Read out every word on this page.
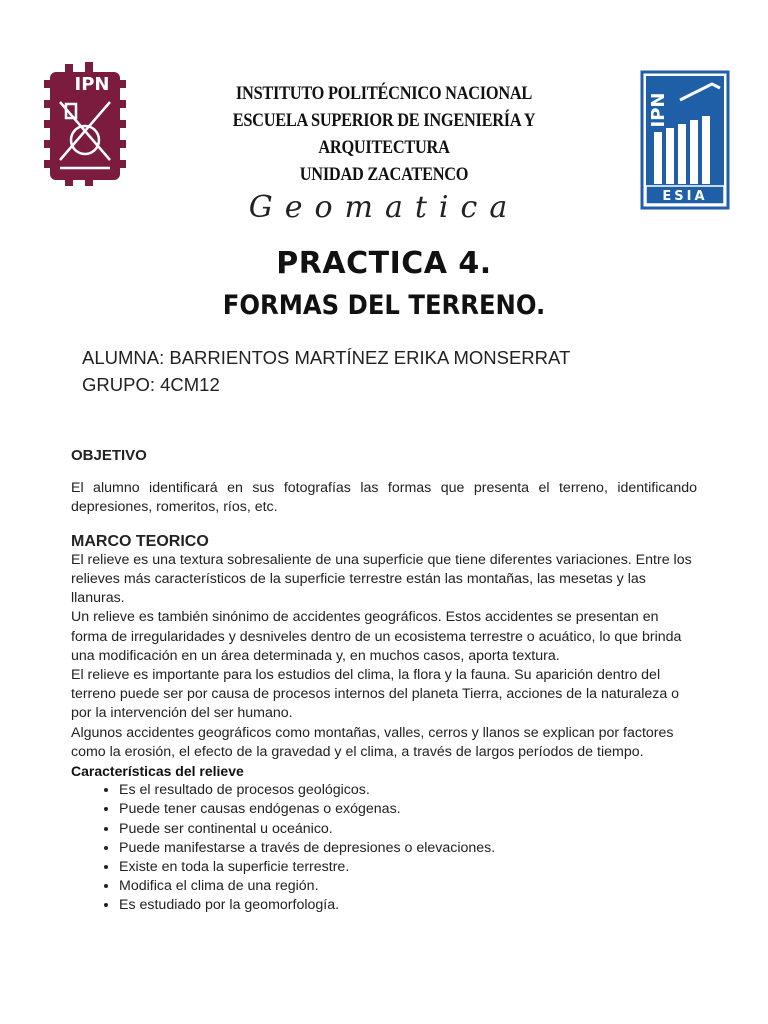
IPN
IPN
ESIA
INSTITUTO POLITÉCNICO NACIONAL
ESCUELA SUPERIOR DE INGENIERÍA Y ARQUITECTURA
UNIDAD ZACATENCO
Geomatica
PRACTICA 4.
FORMAS DEL TERRENO.
ALUMNA: BARRIENTOS MARTÍNEZ ERIKA MONSERRAT
GRUPO: 4CM12
OBJETIVO

El alumno identificará en sus fotografías las formas que presenta el terreno, identificando depresiones, romeritos, ríos, etc.

MARCO TEORICO

El relieve es una textura sobresaliente de una superficie que tiene diferentes variaciones. Entre los relieves más característicos de la superficie terrestre están las montañas, las mesetas y las llanuras.

Un relieve es también sinónimo de accidentes geográficos. Estos accidentes se presentan en forma de irregularidades y desniveles dentro de un ecosistema terrestre o acuático, lo que brinda una modificación en un área determinada y, en muchos casos, aporta textura.

El relieve es importante para los estudios del clima, la flora y la fauna. Su aparición dentro del terreno puede ser por causa de procesos internos del planeta Tierra, acciones de la naturaleza o por la intervención del ser humano.

Algunos accidentes geográficos como montañas, valles, cerros y llanos se explican por factores como la erosión, el efecto de la gravedad y el clima, a través de largos períodos de tiempo.

Características del relieve
• Es el resultado de procesos geológicos.
• Puede tener causas endógenas o exógenas.
• Puede ser continental u oceánico.
• Puede manifestarse a través de depresiones o elevaciones.
• Existe en toda la superficie terrestre.
• Modifica el clima de una región.
• Es estudiado por la geomorfología.
